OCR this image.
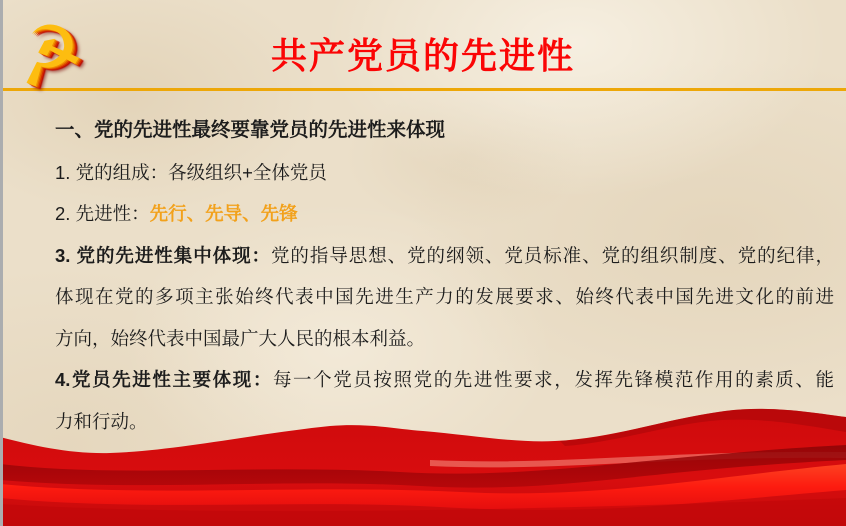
☭	共产党员的先进性
一、党的先进性最终要靠党员的先进性来体现
1. 党的组成：各级组织+全体党员
2. 先进性：先行、先导、先锋
3. 党的先进性集中体现：党的指导思想、党的纲领、党员标准、党的组织制度、党的纪律，
体现在党的多项主张始终代表中国先进生产力的发展要求、始终代表中国先进文化的前进
方向，始终代表中国最广大人民的根本利益。
4.党员先进性主要体现：每一个党员按照党的先进性要求，发挥先锋模范作用的素质、能
力和行动。
